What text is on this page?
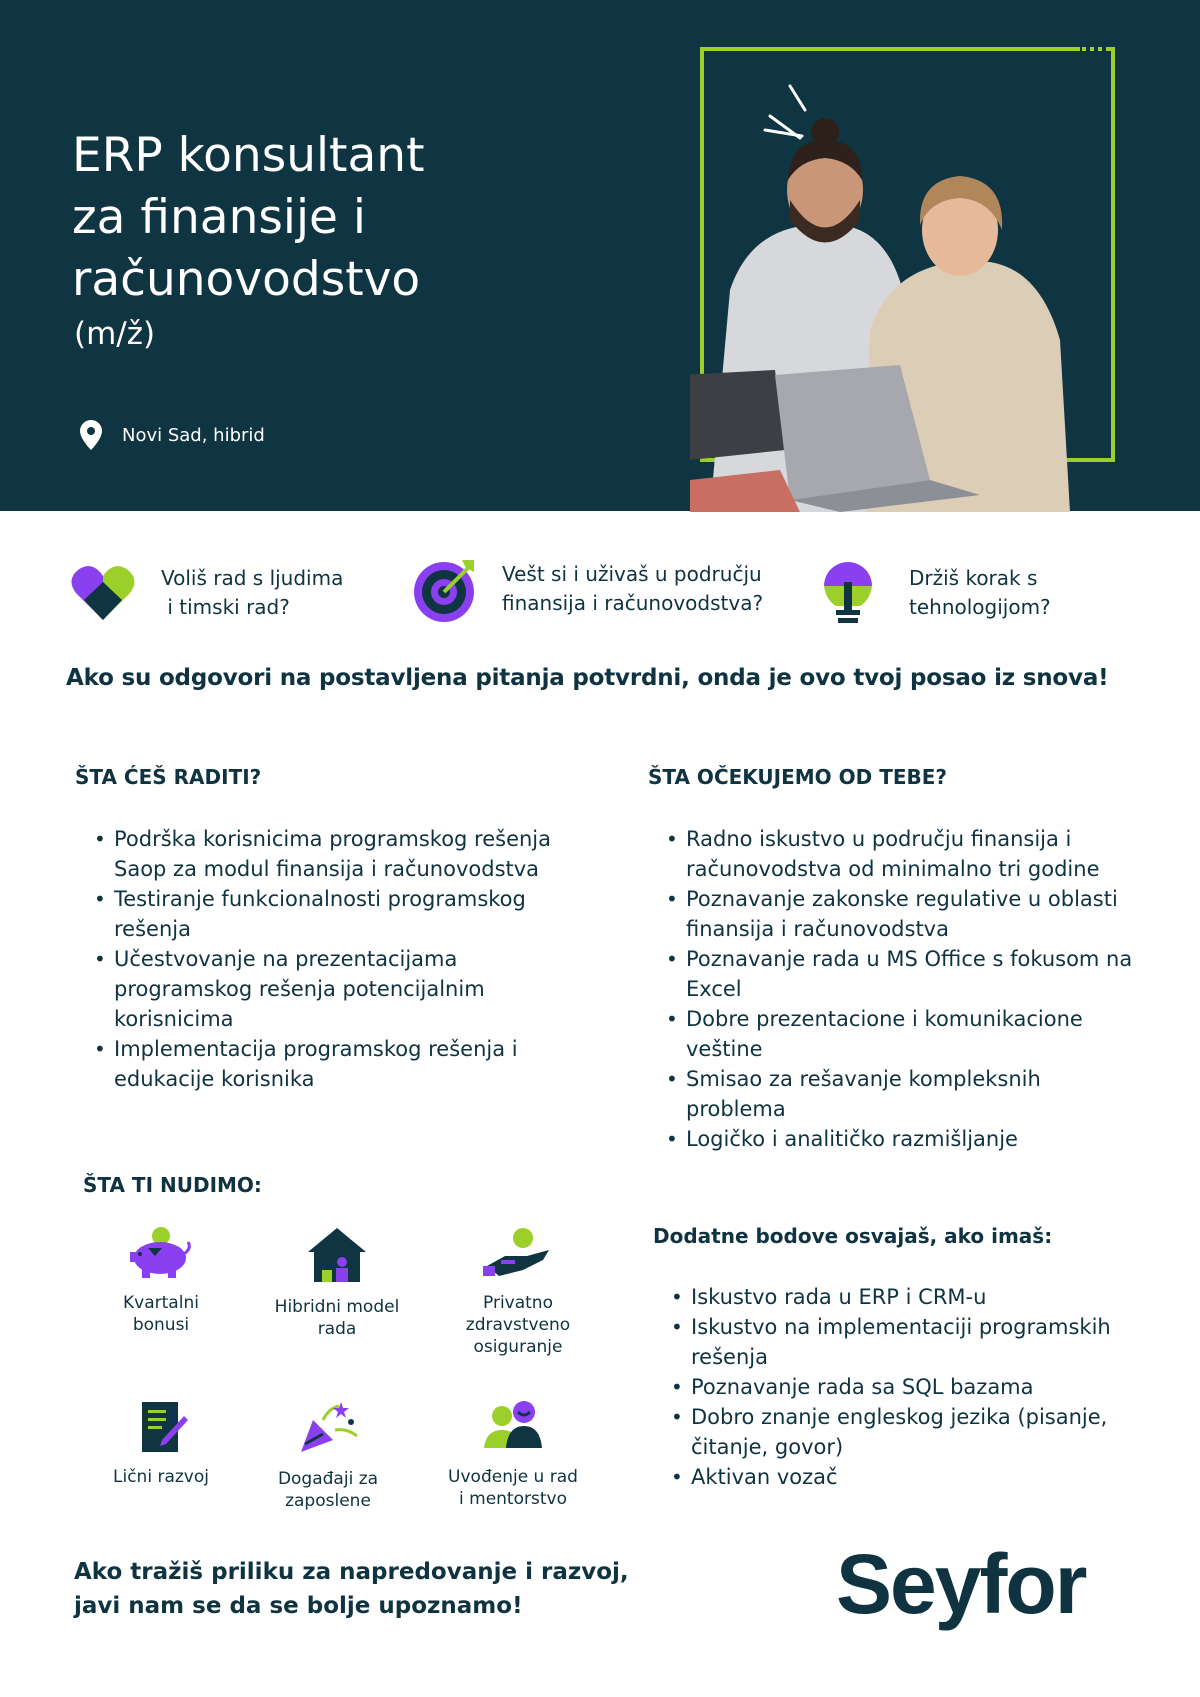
ERP konsultant
za finansije i
računovodstvo
(m/ž)
Novi Sad, hibrid
Voliš rad s ljudima
i timski rad?
Vešt si i uživaš u području
finansija i računovodstva?
Držiš korak s
tehnologijom?
Ako su odgovori na postavljena pitanja potvrdni, onda je ovo tvoj posao iz snova!
ŠTA ĆEŠ RADITI?
• Podrška korisnicima programskog rešenja Saop za modul finansija i računovodstva
• Testiranje funkcionalnosti programskog rešenja
• Učestvovanje na prezentacijama programskog rešenja potencijalnim korisnicima
• Implementacija programskog rešenja i edukacije korisnika
ŠTA OČEKUJEMO OD TEBE?
• Radno iskustvo u području finansija i računovodstva od minimalno tri godine
• Poznavanje zakonske regulative u oblasti finansija i računovodstva
• Poznavanje rada u MS Office s fokusom na Excel
• Dobre prezentacione i komunikacione veštine
• Smisao za rešavanje kompleksnih problema
• Logičko i analitičko razmišljanje
ŠTA TI NUDIMO:
Kvartalni
bonusi
Hibridni model
rada
Privatno
zdravstveno
osiguranje
Lični razvoj	Događaji za
zaposlene
Uvođenje u rad
i mentorstvo
Dodatne bodove osvajaš, ako imaš:
• Iskustvo rada u ERP i CRM-u
• Iskustvo na implementaciji programskih rešenja
• Poznavanje rada sa SQL bazama
• Dobro znanje engleskog jezika (pisanje, čitanje, govor)
• Aktivan vozač
Ako tražiš priliku za napredovanje i razvoj,
javi nam se da se bolje upoznamo!	Seyfor
